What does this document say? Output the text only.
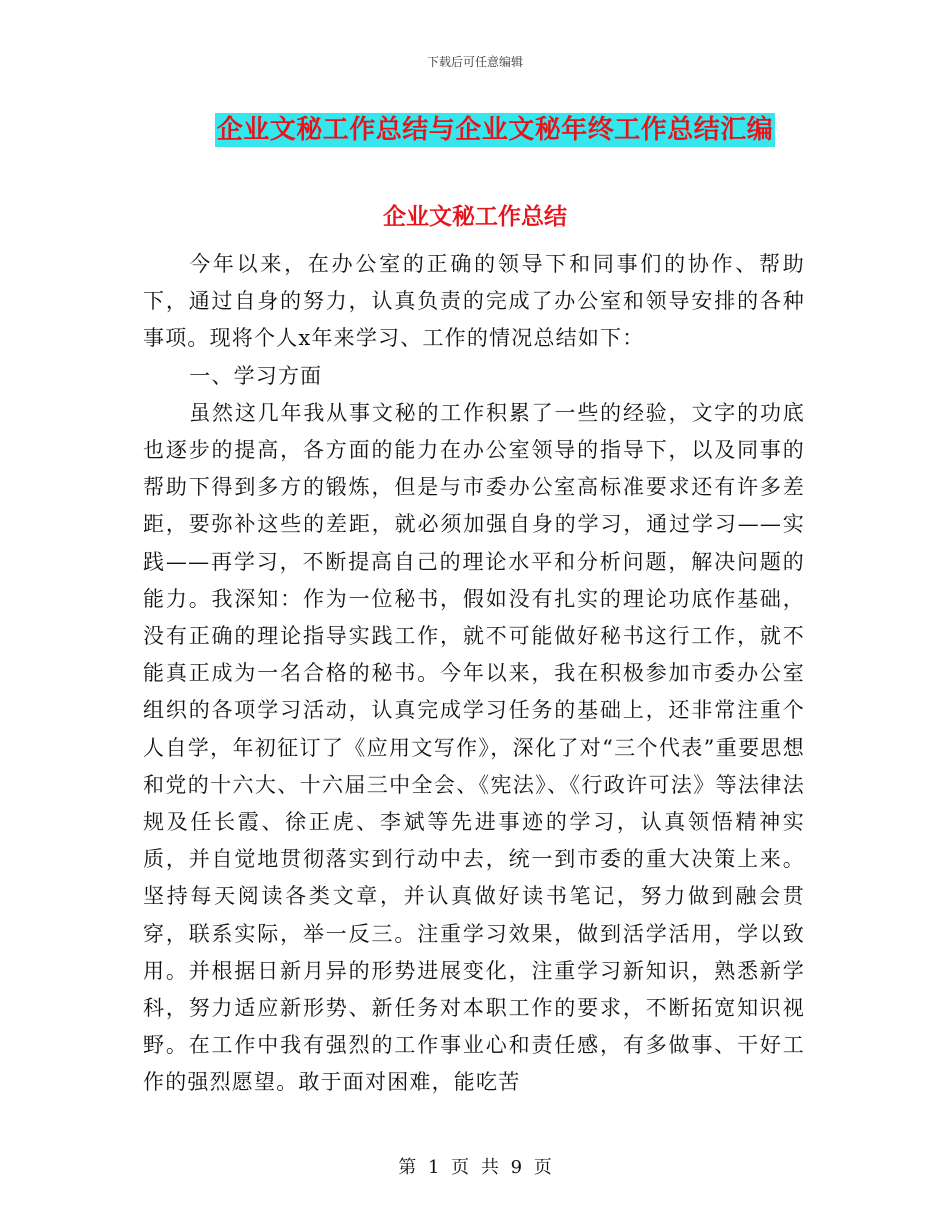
下载后可任意编辑
企业文秘工作总结与企业文秘年终工作总结汇编
企业文秘工作总结

今年以来，在办公室的正确的领导下和同事们的协作、帮助下，通过自身的努力，认真负责的完成了办公室和领导安排的各种事项。现将个人x年来学习、工作的情况总结如下：

一、学习方面

虽然这几年我从事文秘的工作积累了一些的经验，文字的功底也逐步的提高，各方面的能力在办公室领导的指导下，以及同事的帮助下得到多方的锻炼，但是与市委办公室高标准要求还有许多差距，要弥补这些的差距，就必须加强自身的学习，通过学习——实践——再学习，不断提高自己的理论水平和分析问题，解决问题的能力。我深知：作为一位秘书，假如没有扎实的理论功底作基础，没有正确的理论指导实践工作，就不可能做好秘书这行工作，就不能真正成为一名合格的秘书。今年以来，我在积极参加市委办公室组织的各项学习活动，认真完成学习任务的基础上，还非常注重个人自学，年初征订了《应用文写作》，深化了对“三个代表”重要思想和党的十六大、十六届三中全会、《宪法》、《行政许可法》等法律法规及任长霞、徐正虎、李斌等先进事迹的学习，认真领悟精神实质，并自觉地贯彻落实到行动中去，统一到市委的重大决策上来。坚持每天阅读各类文章，并认真做好读书笔记，努力做到融会贯穿，联系实际，举一反三。注重学习效果，做到活学活用，学以致用。并根据日新月异的形势进展变化，注重学习新知识，熟悉新学科，努力适应新形势、新任务对本职工作的要求，不断拓宽知识视野。在工作中我有强烈的工作事业心和责任感，有多做事、干好工作的强烈愿望。敢于面对困难，能吃苦

第 1 页 共 9 页
